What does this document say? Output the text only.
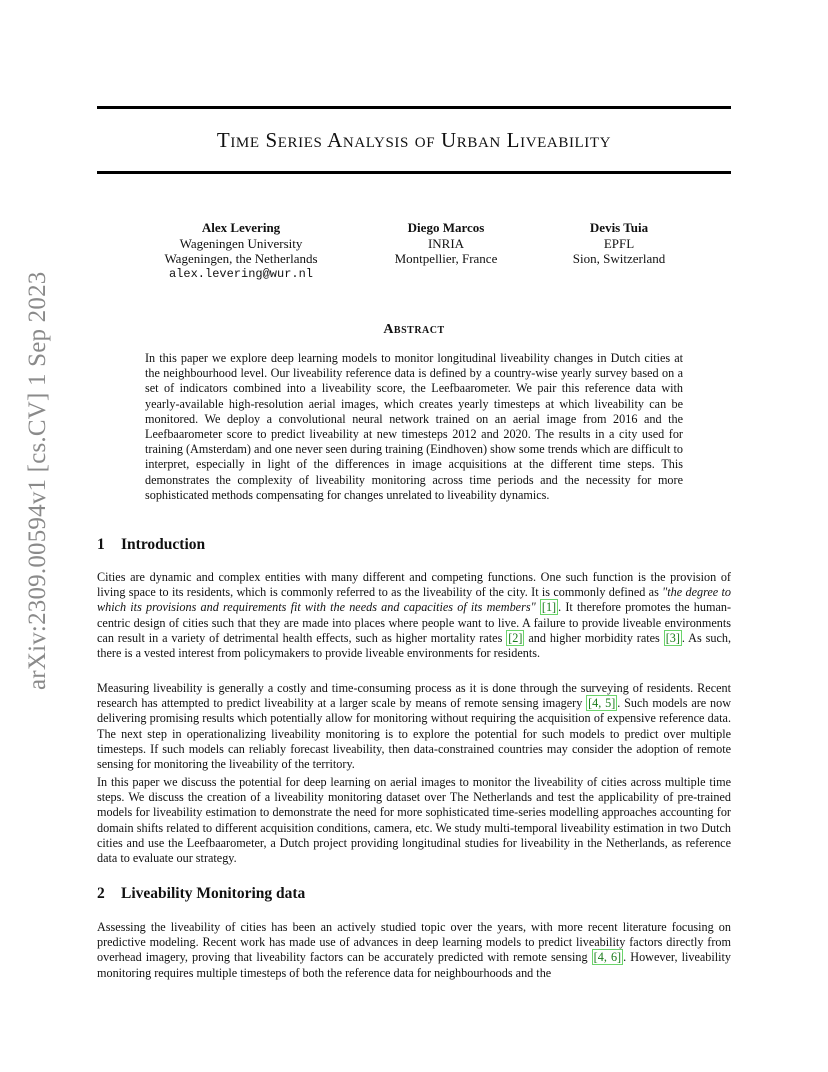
arXiv:2309.00594v1 [cs.CV] 1 Sep 2023
Time Series Analysis of Urban Liveability
Alex Levering
Wageningen University
Wageningen, the Netherlands
alex.levering@wur.nl
Diego Marcos
INRIA
Montpellier, France
Devis Tuia
EPFL
Sion, Switzerland
Abstract

In this paper we explore deep learning models to monitor longitudinal liveability changes in Dutch cities at the neighbourhood level. Our liveability reference data is defined by a country-wise yearly survey based on a set of indicators combined into a liveability score, the Leefbaarometer. We pair this reference data with yearly-available high-resolution aerial images, which creates yearly timesteps at which liveability can be monitored. We deploy a convolutional neural network trained on an aerial image from 2016 and the Leefbaarometer score to predict liveability at new timesteps 2012 and 2020. The results in a city used for training (Amsterdam) and one never seen during training (Eindhoven) show some trends which are difficult to interpret, especially in light of the differences in image acquisitions at the different time steps. This demonstrates the complexity of liveability monitoring across time periods and the necessity for more sophisticated methods compensating for changes unrelated to liveability dynamics.

1 Introduction

Cities are dynamic and complex entities with many different and competing functions. One such function is the provision of living space to its residents, which is commonly referred to as the liveability of the city. It is commonly defined as "the degree to which its provisions and requirements fit with the needs and capacities of its members" [1] . It therefore promotes the human-centric design of cities such that they are made into places where people want to live. A failure to provide liveable environments can result in a variety of detrimental health effects, such as higher mortality rates [2] and higher morbidity rates [3] . As such, there is a vested interest from policymakers to provide liveable environments for residents.

Measuring liveability is generally a costly and time-consuming process as it is done through the surveying of residents. Recent research has attempted to predict liveability at a larger scale by means of remote sensing imagery [4, 5] . Such models are now delivering promising results which potentially allow for monitoring without requiring the acquisition of expensive reference data. The next step in operationalizing liveability monitoring is to explore the potential for such models to predict over multiple timesteps. If such models can reliably forecast liveability, then data-constrained countries may consider the adoption of remote sensing for monitoring the liveability of the territory.

In this paper we discuss the potential for deep learning on aerial images to monitor the liveability of cities across multiple time steps. We discuss the creation of a liveability monitoring dataset over The Netherlands and test the applicability of pre-trained models for liveability estimation to demonstrate the need for more sophisticated time-series modelling approaches accounting for domain shifts related to different acquisition conditions, camera, etc. We study multi-temporal liveability estimation in two Dutch cities and use the Leefbaarometer, a Dutch project providing longitudinal studies for liveability in the Netherlands, as reference data to evaluate our strategy.

2 Liveability Monitoring data

Assessing the liveability of cities has been an actively studied topic over the years, with more recent literature focusing on predictive modeling. Recent work has made use of advances in deep learning models to predict liveability factors directly from overhead imagery, proving that liveability factors can be accurately predicted with remote sensing [4, 6] . However, liveability monitoring requires multiple timesteps of both the reference data for neighbourhoods and the
